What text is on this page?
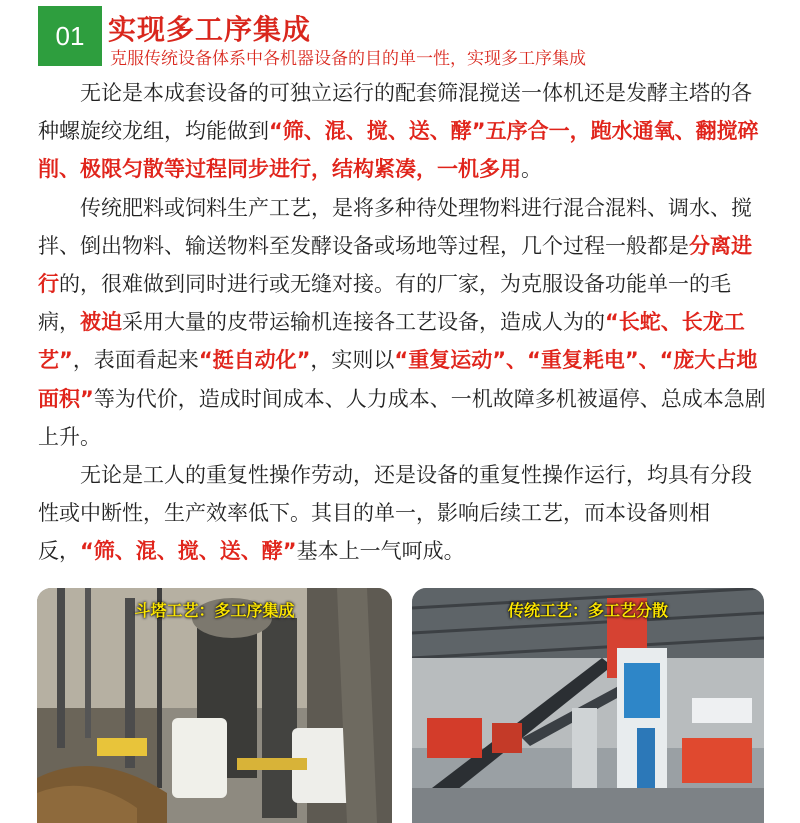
01 实现多工序集成
克服传统设备体系中各机器设备的目的单一性，实现多工序集成

无论是本成套设备的可独立运行的配套筛混搅送一体机还是发酵主塔的各种螺旋绞龙组，均能做到“筛、混、搅、送、酵”五序合一，跑水通氧、翻搅碎削、极限匀散等过程同步进行，结构紧凑，一机多用。

传统肥料或饲料生产工艺，是将多种待处理物料进行混合混料、调水、搅拌、倒出物料、输送物料至发酵设备或场地等过程，几个过程一般都是分离进行的，很难做到同时进行或无缝对接。有的厂家，为克服设备功能单一的毛病，被迫采用大量的皮带运输机连接各工艺设备，造成人为的“长蛇、长龙工艺”，表面看起来“挺自动化”，实则以“重复运动”、“重复耗电”、“庞大占地面积”等为代价，造成时间成本、人力成本、一机故障多机被逼停、总成本急剧上升。

无论是工人的重复性操作劳动，还是设备的重复性操作运行，均具有分段性或中断性，生产效率低下。其目的单一，影响后续工艺，而本设备则相反，“筛、混、搅、送、酵”基本上一气呵成。

斗塔工艺：多工序集成	传统工艺：多工艺分散
